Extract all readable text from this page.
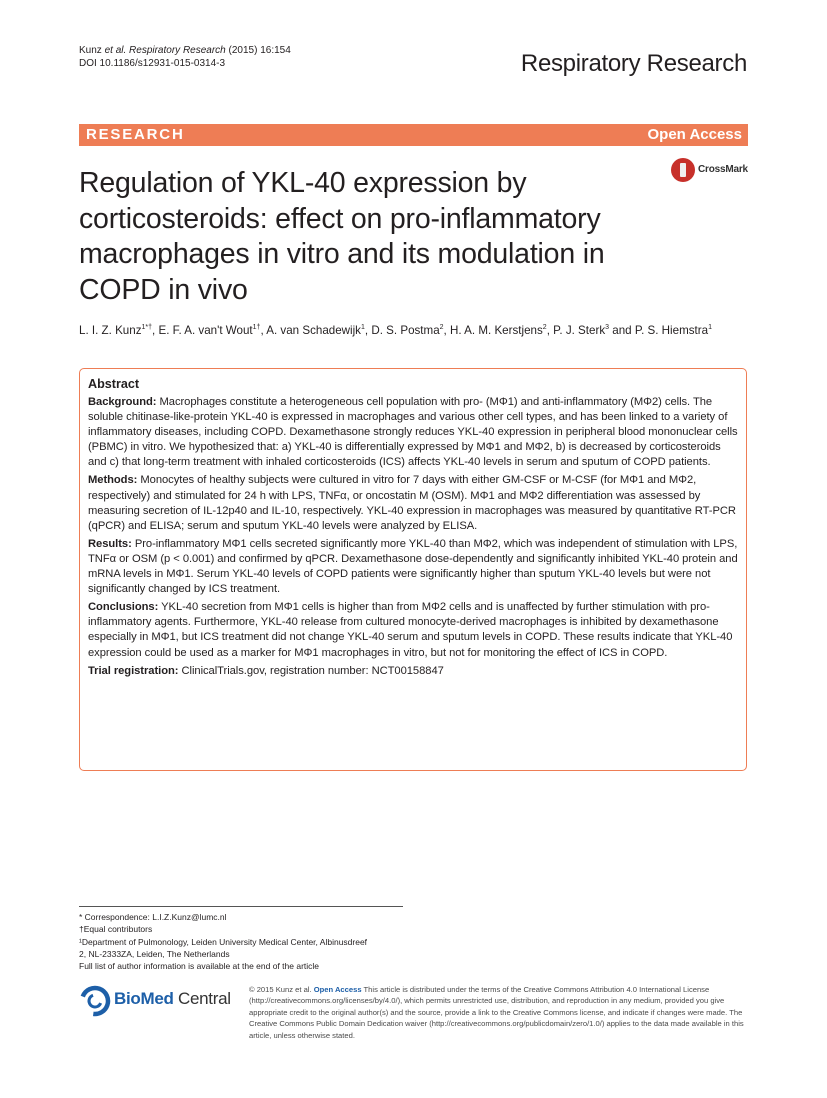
Kunz et al. Respiratory Research (2015) 16:154
DOI 10.1186/s12931-015-0314-3	Respiratory Research
RESEARCH	Open Access
CrossMark
Regulation of YKL-40 expression by corticosteroids: effect on pro-inflammatory macrophages in vitro and its modulation in COPD in vivo
L. I. Z. Kunz$^{1*\dagger}$, E. F. A. van't Wout$^{1\dagger}$, A. van Schadewijk$^1$, D. S. Postma$^2$, H. A. M. Kerstjens$^2$, P. J. Sterk$^3$ and P. S. Hiemstra$^1$
Abstract

Background: Macrophages constitute a heterogeneous cell population with pro- (MΦ1) and anti-inflammatory (MΦ2) cells. The soluble chitinase-like-protein YKL-40 is expressed in macrophages and various other cell types, and has been linked to a variety of inflammatory diseases, including COPD. Dexamethasone strongly reduces YKL-40 expression in peripheral blood mononuclear cells (PBMC) in vitro. We hypothesized that: a) YKL-40 is differentially expressed by MΦ1 and MΦ2, b) is decreased by corticosteroids and c) that long-term treatment with inhaled corticosteroids (ICS) affects YKL-40 levels in serum and sputum of COPD patients.

Methods: Monocytes of healthy subjects were cultured in vitro for 7 days with either GM-CSF or M-CSF (for MΦ1 and MΦ2, respectively) and stimulated for 24 h with LPS, TNFα, or oncostatin M (OSM). MΦ1 and MΦ2 differentiation was assessed by measuring secretion of IL-12p40 and IL-10, respectively. YKL-40 expression in macrophages was measured by quantitative RT-PCR (qPCR) and ELISA; serum and sputum YKL-40 levels were analyzed by ELISA.

Results: Pro-inflammatory MΦ1 cells secreted significantly more YKL-40 than MΦ2, which was independent of stimulation with LPS, TNFα or OSM (p < 0.001) and confirmed by qPCR. Dexamethasone dose-dependently and significantly inhibited YKL-40 protein and mRNA levels in MΦ1. Serum YKL-40 levels of COPD patients were significantly higher than sputum YKL-40 levels but were not significantly changed by ICS treatment.

Conclusions: YKL-40 secretion from MΦ1 cells is higher than from MΦ2 cells and is unaffected by further stimulation with pro-inflammatory agents. Furthermore, YKL-40 release from cultured monocyte-derived macrophages is inhibited by dexamethasone especially in MΦ1, but ICS treatment did not change YKL-40 serum and sputum levels in COPD. These results indicate that YKL-40 expression could be used as a marker for MΦ1 macrophages in vitro, but not for monitoring the effect of ICS in COPD.

Trial registration: ClinicalTrials.gov, registration number: NCT00158847

* Correspondence: L.I.Z.Kunz@lumc.nl
†Equal contributors
¹Department of Pulmonology, Leiden University Medical Center, Albinusdreef
2, NL-2333ZA, Leiden, The Netherlands
Full list of author information is available at the end of the article
BioMed Central © 2015 Kunz et al. Open Access This article is distributed under the terms of the Creative Commons Attribution 4.0 International License (http://creativecommons.org/licenses/by/4.0/), which permits unrestricted use, distribution, and reproduction in any medium, provided you give appropriate credit to the original author(s) and the source, provide a link to the Creative Commons license, and indicate if changes were made. The Creative Commons Public Domain Dedication waiver (http://creativecommons.org/publicdomain/zero/1.0/) applies to the data made available in this article, unless otherwise stated.
